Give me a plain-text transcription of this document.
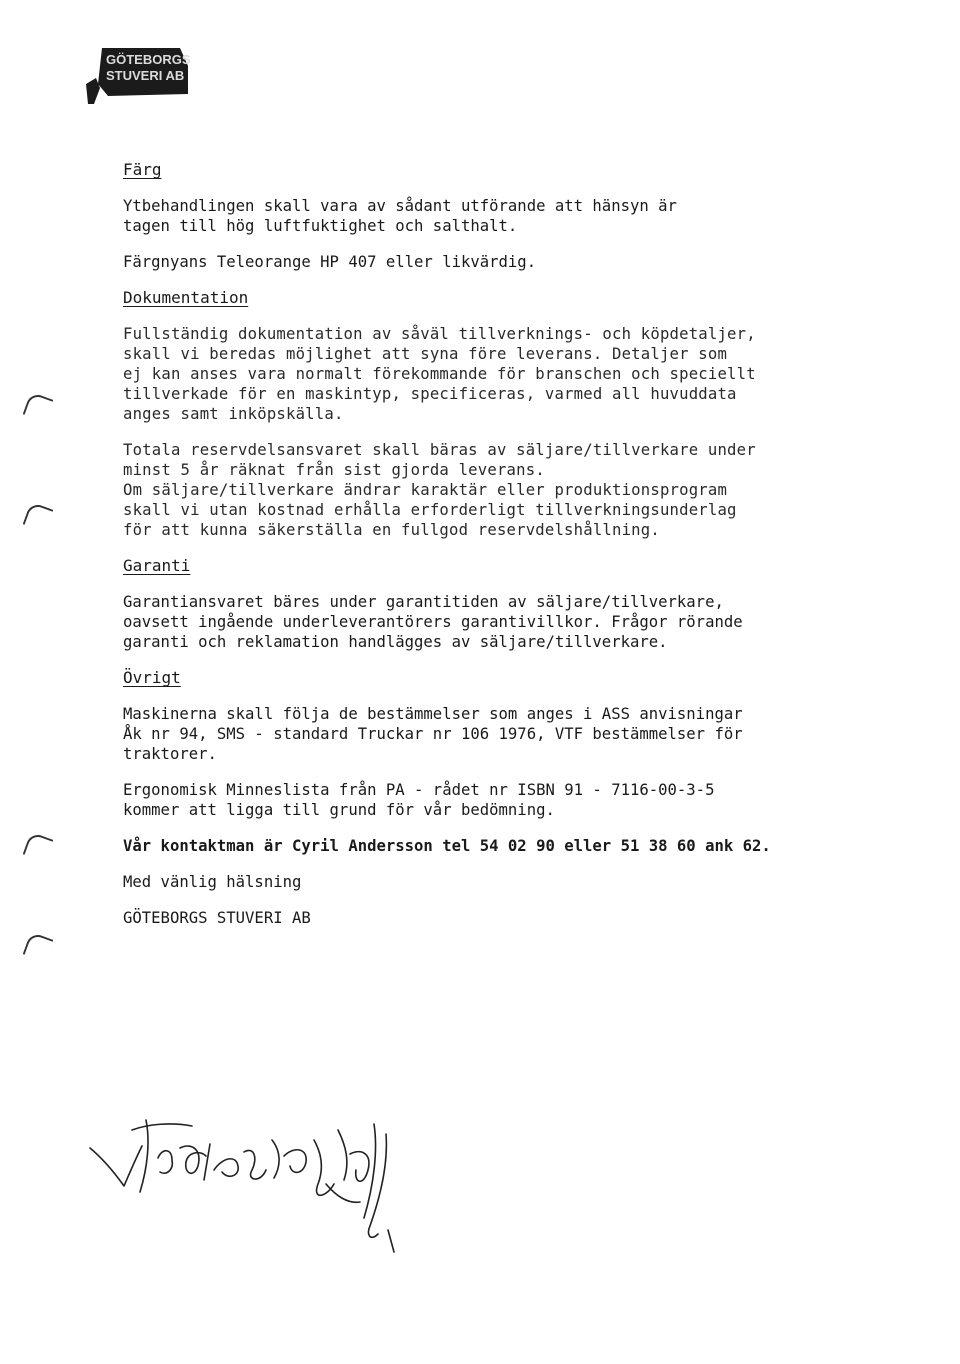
GÖTEBORGS
STUVERI AB
Färg
Ytbehandlingen skall vara av sådant utförande att hänsyn är
tagen till hög luftfuktighet och salthalt.
Färgnyans Teleorange HP 407 eller likvärdig.
Dokumentation
Fullständig dokumentation av såväl tillverknings- och köpdetaljer,
skall vi beredas möjlighet att syna före leverans. Detaljer som
ej kan anses vara normalt förekommande för branschen och speciellt
tillverkade för en maskintyp, specificeras, varmed all huvuddata
anges samt inköpskälla.
Totala reservdelsansvaret skall bäras av säljare/tillverkare under
minst 5 år räknat från sist gjorda leverans.
Om säljare/tillverkare ändrar karaktär eller produktionsprogram
skall vi utan kostnad erhålla erforderligt tillverkningsunderlag
för att kunna säkerställa en fullgod reservdelshållning.
Garanti
Garantiansvaret bäres under garantitiden av säljare/tillverkare,
oavsett ingående underleverantörers garantivillkor. Frågor rörande
garanti och reklamation handlägges av säljare/tillverkare.
Övrigt
Maskinerna skall följa de bestämmelser som anges i ASS anvisningar
Åk nr 94, SMS - standard Truckar nr 106 1976, VTF bestämmelser för
traktorer.
Ergonomisk Minneslista från PA - rådet nr ISBN 91 - 7116-00-3-5
kommer att ligga till grund för vår bedömning.
Vår kontaktman är Cyril Andersson tel 54 02 90 eller 51 38 60 ank 62.
Med vänlig hälsning
GÖTEBORGS STUVERI AB
